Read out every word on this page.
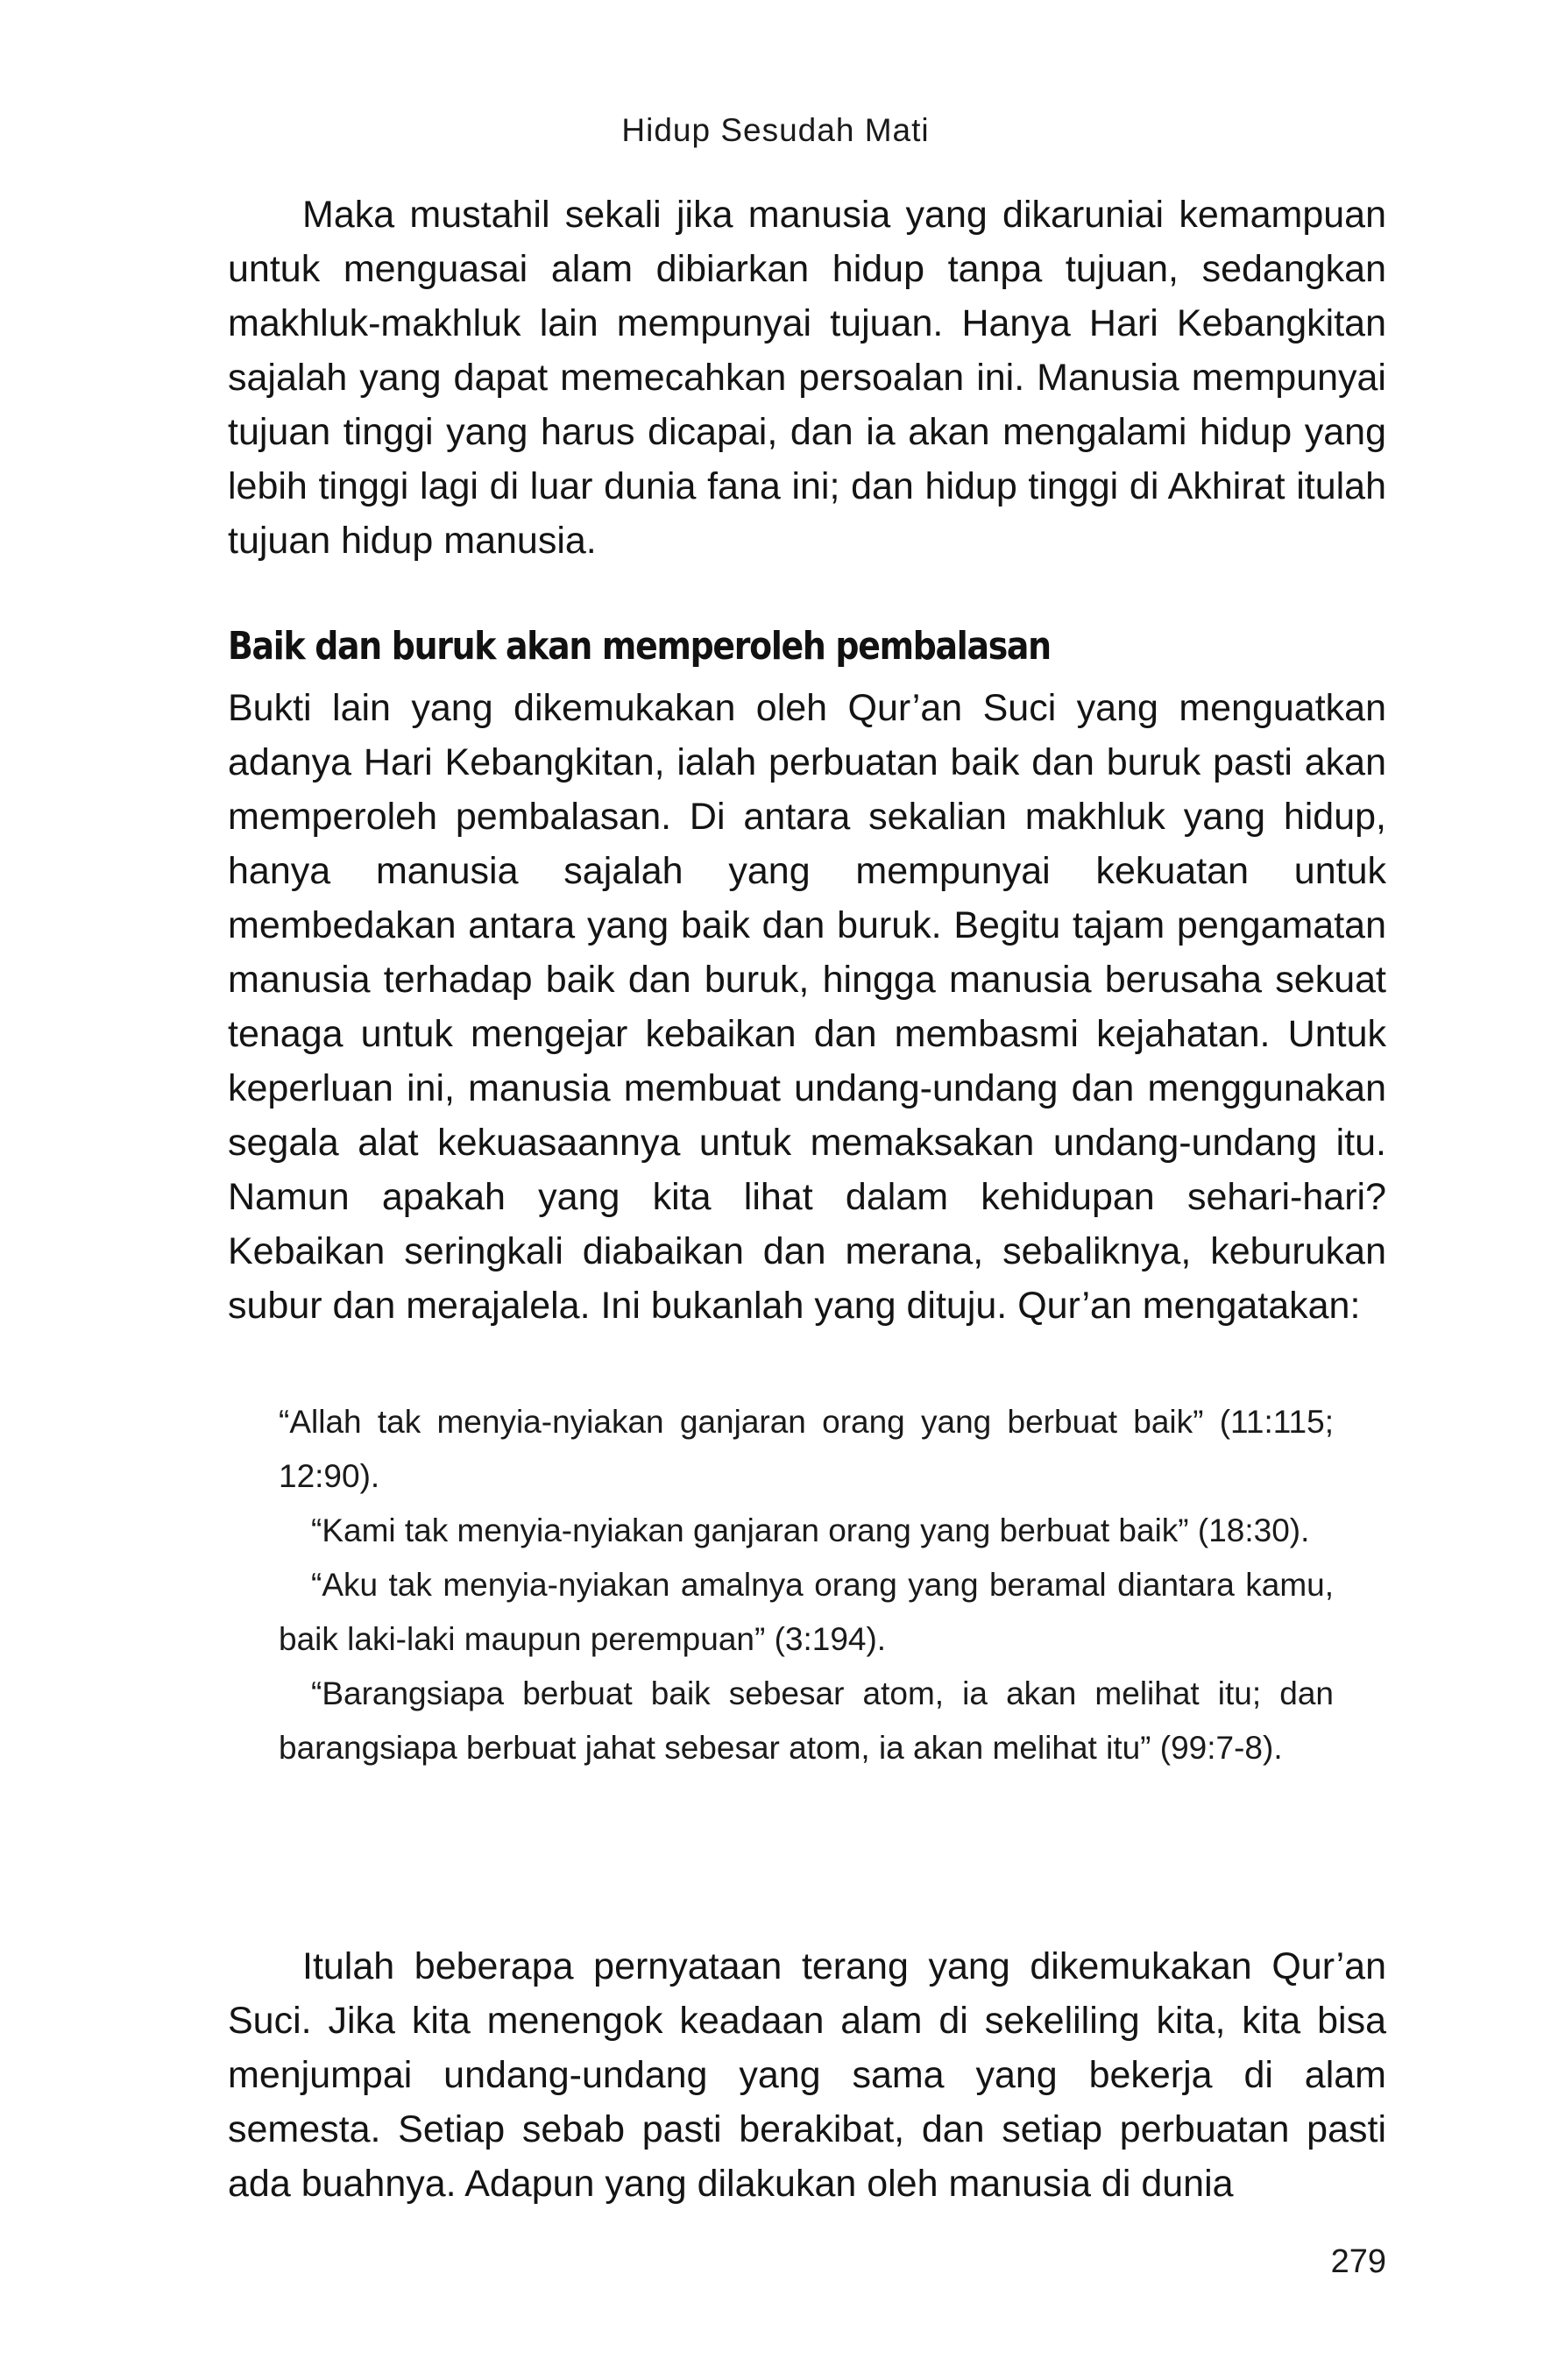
Hidup Sesudah Mati

Maka mustahil sekali jika manusia yang dikaruniai kemampuan untuk menguasai alam dibiarkan hidup tanpa tujuan, sedangkan makhluk-makhluk lain mempunyai tujuan. Hanya Hari Kebangkitan sajalah yang dapat memecahkan persoalan ini. Manusia mempunyai tujuan tinggi yang harus dicapai, dan ia akan mengalami hidup yang lebih tinggi lagi di luar dunia fana ini; dan hidup tinggi di Akhirat itulah tujuan hidup manusia.

Baik dan buruk akan memperoleh pembalasan

Bukti lain yang dikemukakan oleh Qur’an Suci yang menguatkan adanya Hari Kebangkitan, ialah perbuatan baik dan buruk pasti akan memperoleh pembalasan. Di antara sekalian makhluk yang hidup, hanya manusia sajalah yang mempunyai kekuatan untuk membedakan antara yang baik dan buruk. Begitu tajam pengamatan manusia terhadap baik dan buruk, hingga manusia berusaha sekuat tenaga untuk mengejar kebaikan dan membasmi kejahatan. Untuk keperluan ini, manusia membuat undang-undang dan menggunakan segala alat kekuasaannya untuk memaksakan undang-undang itu. Namun apakah yang kita lihat dalam kehidupan sehari-hari? Kebaikan seringkali diabaikan dan merana, sebaliknya, keburukan subur dan merajalela. Ini bukanlah yang dituju. Qur’an mengatakan:

“Allah tak menyia-nyiakan ganjaran orang yang berbuat baik” (11:115; 12:90).

“Kami tak menyia-nyiakan ganjaran orang yang berbuat baik” (18:30).

“Aku tak menyia-nyiakan amalnya orang yang beramal diantara kamu, baik laki-laki maupun perempuan” (3:194).

“Barangsiapa berbuat baik sebesar atom, ia akan melihat itu; dan barangsiapa berbuat jahat sebesar atom, ia akan melihat itu” (99:7-8).

Itulah beberapa pernyataan terang yang dikemukakan Qur’an Suci. Jika kita menengok keadaan alam di sekeliling kita, kita bisa menjumpai undang-undang yang sama yang bekerja di alam semesta. Setiap sebab pasti berakibat, dan setiap perbuatan pasti ada buahnya. Adapun yang dilakukan oleh manusia di dunia

279
